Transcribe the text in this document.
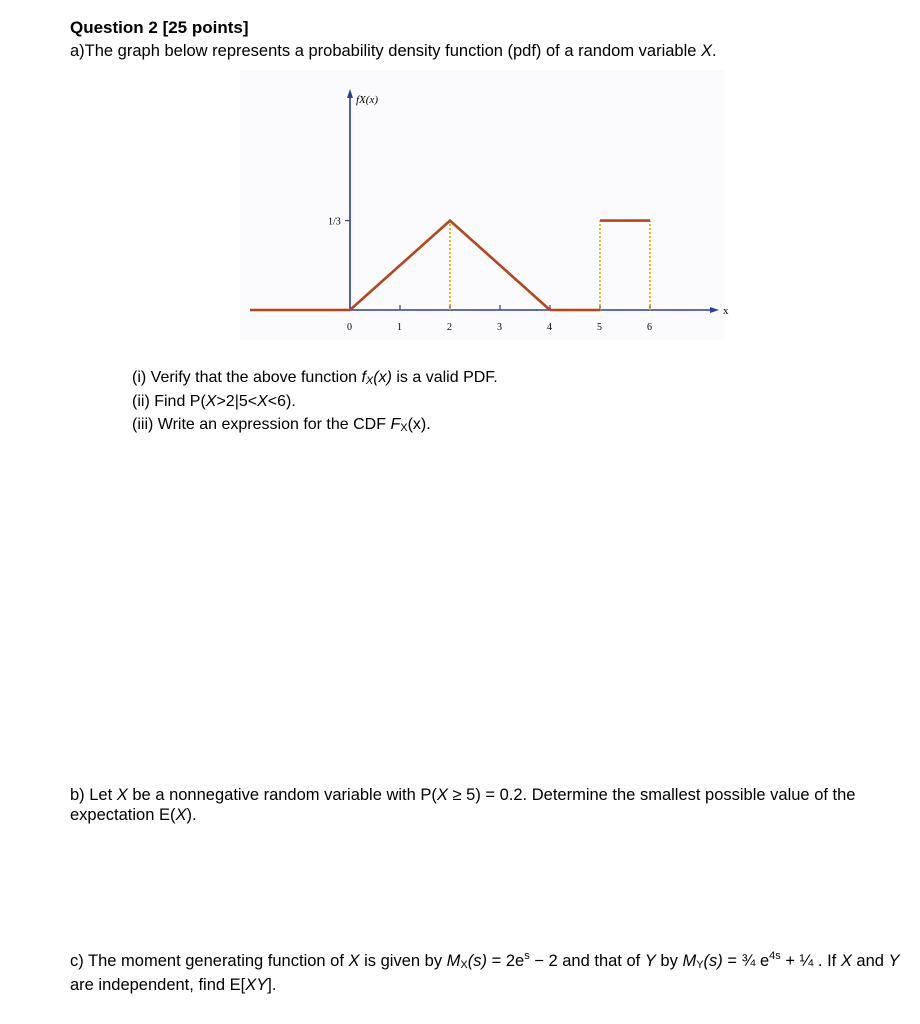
Question 2 [25 points]
a)The graph below represents a probability density function (pdf) of a random variable X.
x
fX(x)
1/3
0	1	2	3	4	5	6
(i) Verify that the above function fX(x) is a valid PDF.
(ii) Find P(X>2|5<X<6).
(iii) Write an expression for the CDF FX(x).
b) Let X be a nonnegative random variable with P(X ≥ 5) = 0.2. Determine the smallest possible value of the expectation E(X).
c) The moment generating function of X is given by $MX(s) = 2e^s - 2$ and that of Y by MY(s) = ¾ $e^{4s}$ + ¼ . If X and Y are independent, find E[XY].
